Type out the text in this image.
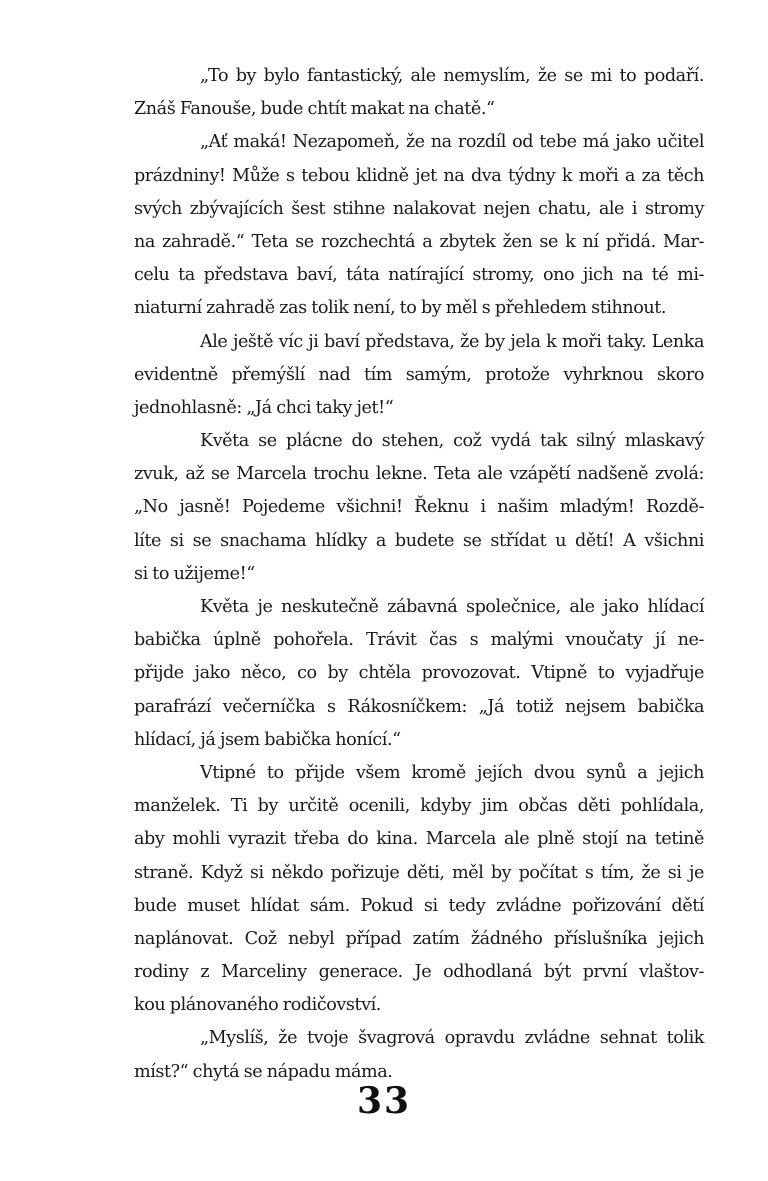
„To by bylo fantastický, ale nemyslím, že se mi to podaří.
Znáš Fanouše, bude chtít makat na chatě.“
„Ať maká! Nezapomeň, že na rozdíl od tebe má jako učitel
prázdniny! Může s tebou klidně jet na dva týdny k moři a za těch
svých zbývajících šest stihne nalakovat nejen chatu, ale i stromy
na zahradě.“ Teta se rozchechtá a zbytek žen se k ní přidá. Mar-
celu ta představa baví, táta natírající stromy, ono jich na té mi-
niaturní zahradě zas tolik není, to by měl s přehledem stihnout.
Ale ještě víc ji baví představa, že by jela k moři taky. Lenka
evidentně přemýšlí nad tím samým, protože vyhrknou skoro
jednohlasně: „Já chci taky jet!“
Květa se plácne do stehen, což vydá tak silný mlaskavý
zvuk, až se Marcela trochu lekne. Teta ale vzápětí nadšeně zvolá:
„No jasně! Pojedeme všichni! Řeknu i našim mladým! Rozdě-
líte si se snachama hlídky a budete se střídat u dětí! A všichni
si to užijeme!“
Květa je neskutečně zábavná společnice, ale jako hlídací
babička úplně pohořela. Trávit čas s malými vnoučaty jí ne-
přijde jako něco, co by chtěla provozovat. Vtipně to vyjadřuje
parafrází večerníčka s Rákosníčkem: „Já totiž nejsem babička
hlídací, já jsem babička honící.“
Vtipné to přijde všem kromě jejích dvou synů a jejich
manželek. Ti by určitě ocenili, kdyby jim občas děti pohlídala,
aby mohli vyrazit třeba do kina. Marcela ale plně stojí na tetině
straně. Když si někdo pořizuje děti, měl by počítat s tím, že si je
bude muset hlídat sám. Pokud si tedy zvládne pořizování dětí
naplánovat. Což nebyl případ zatím žádného příslušníka jejich
rodiny z Marceliny generace. Je odhodlaná být první vlaštov-
kou plánovaného rodičovství.
„Myslíš, že tvoje švagrová opravdu zvládne sehnat tolik
míst?“ chytá se nápadu máma.
33
